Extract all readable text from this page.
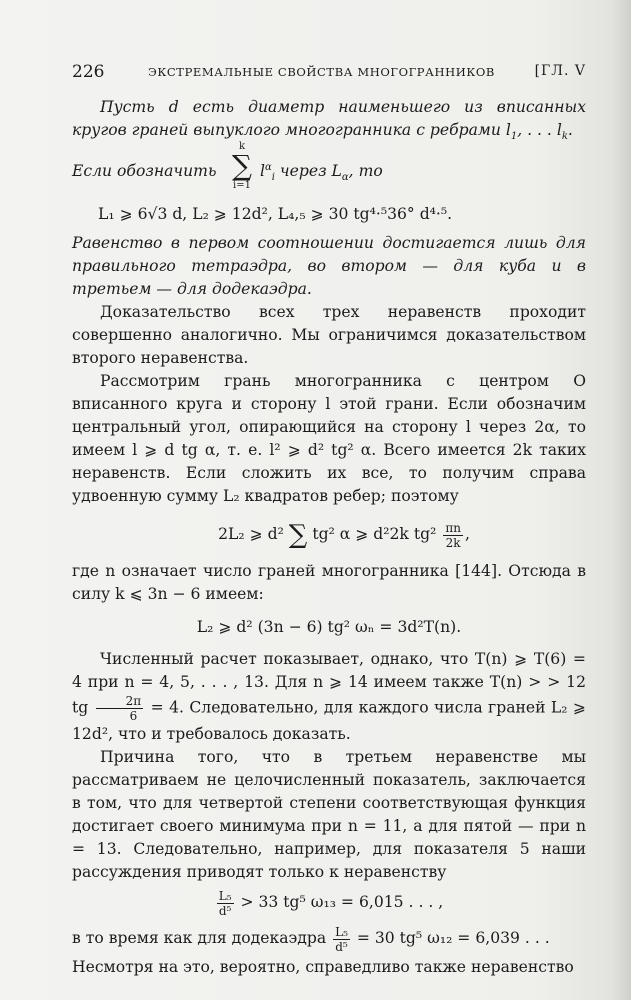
226	ЭКСТРЕМАЛЬНЫЕ СВОЙСТВА МНОГОГРАННИКОВ	[ГЛ. V

Пусть d есть диаметр наименьшего из вписанных кругов граней выпуклого многогранника с ребрами $l_1$, . . . $l_k$.

Если обозначить
k
∑
i=1
$l^\alpha_i$ через $L_\alpha$, то

L₁ ⩾ 6√3 d, L₂ ⩾ 12d², L₄,₅ ⩾ 30 tg⁴·⁵36° d⁴·⁵.

Равенство в первом соотношении достигается лишь для правильного тетраэдра, во втором — для куба и в третьем — для додекаэдра.

Доказательство всех трех неравенств проходит совершенно аналогично. Мы ограничимся доказательством второго неравенства.

Рассмотрим грань многогранника с центром O вписанного круга и сторону l этой грани. Если обозначим центральный угол, опирающийся на сторону l через 2α, то имеем l ⩾ d tg α, т. е. l² ⩾ d² tg² α. Всего имеется 2k таких неравенств. Если сложить их все, то получим справа удвоенную сумму L₂ квадратов ребер; поэтому

2L₂ ⩾ d² ∑ tg² α ⩾ d²2k $tg^2 \frac{\pi n}{2k}$ ,

где n означает число граней многогранника [144]. Отсюда в силу k ⩽ 3n − 6 имеем:

L₂ ⩾ d² (3n − 6) tg² ωₙ = 3d²T(n).

Численный расчет показывает, однако, что T(n) ⩾ T(6) = 4 при n = 4, 5, . . . , 13. Для n ⩾ 14 имеем также T(n) > > 12 tg $\frac{2\pi}{6} = 4$. Следовательно, для каждого числа граней L₂ ⩾ 12d², что и требовалось доказать.

Причина того, что в третьем неравенстве мы рассматриваем не целочисленный показатель, заключается в том, что для четвертой степени соответствующая функция достигает своего минимума при n = 11, а для пятой — при n = 13. Следовательно, например, для показателя 5 наши рассуждения приводят только к неравенству

$\frac{\text{L₅}}{\text{d⁵}} > 33$ tg⁵ ω₁₃ = 6,015 . . . ,

в то время как для додекаэдра $\frac{\text{L₅}}{\text{d⁵}} = 30$ tg⁵ ω₁₂ = 6,039 . . .

Несмотря на это, вероятно, справедливо также неравенство
